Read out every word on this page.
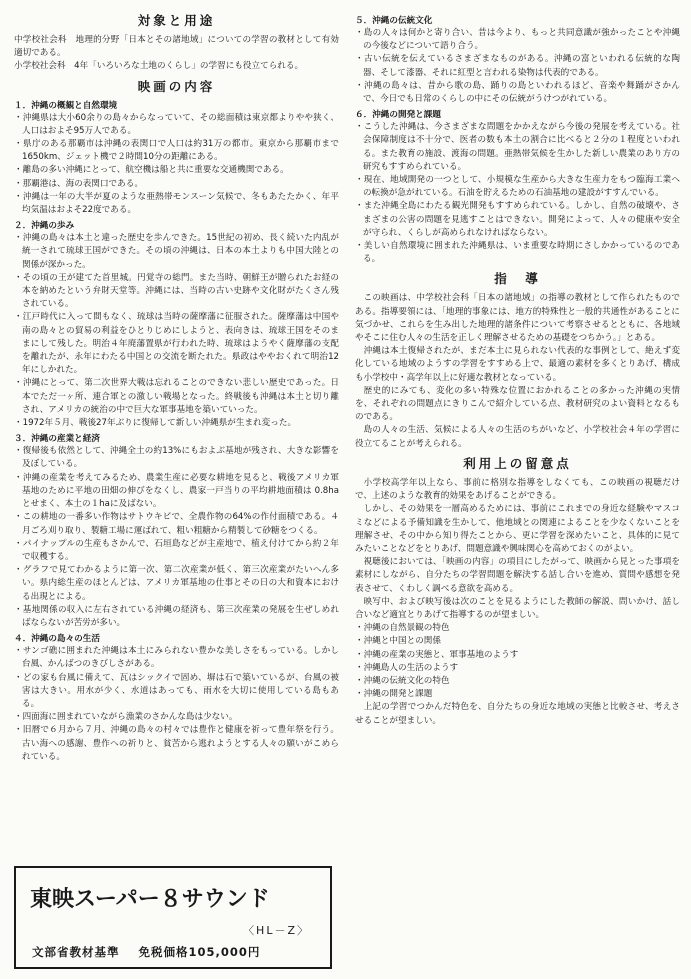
対象と用途

中学校社会科　地理的分野「日本とその諸地域」についての学習の教材として有効適切である。

小学校社会科　4年「いろいろな土地のくらし」の学習にも役立てられる。

映画の内容
１．沖縄の概観と自然環境
・ 沖縄県は大小60余りの島々からなっていて、その総面積は東京都よりやや狭く、人口はおよそ95万人である。
・ 県庁のある那覇市は沖縄の表関口で人口は約31万の都市。東京から那覇市まで1650km、ジェット機で２時間10分の距離にある。
・ 離島の多い沖縄にとって、航空機は船と共に重要な交通機関である。
・ 那覇港は、海の表関口である。
・ 沖縄は一年の大半が夏のような亜熱帯モンスーン気候で、冬もあたたかく、年平均気温はおよそ22度である。
２．沖縄の歩み
・ 沖縄の島々は本土と違った歴史を歩んできた。15世紀の初め、長く続いた内乱が統一されて琉球王国ができた。その頃の沖縄は、日本の本土よりも中国大陸との関係が深かった。
・ その頃の王が建てた首里城。円覚寺の総門。また当時、朝鮮王が贈られたお経の本を納めたという弁財天堂等。沖縄には、当時の古い史跡や文化財がたくさん残されている。
・ 江戸時代に入って間もなく、琉球は当時の薩摩藩に征服された。薩摩藩は中国や南の島々との貿易の利益をひとりじめにしようと、表向きは、琉球王国をそのままにして残した。明治４年廃藩置県が行われた時、琉球はようやく薩摩藩の支配を離れたが、永年にわたる中国との交流を断たれた。県政はややおくれて明治12年にしかれた。
・ 沖縄にとって、第二次世界大戦は忘れることのできない悲しい歴史であった。日本でただ一ヶ所、連合軍との激しい戦場となった。終戦後も沖縄は本土と切り離され、アメリカの統治の中で巨大な軍事基地を築いていった。
・ 1972年５月、戦後27年ぶりに復帰して新しい沖縄県が生まれ変った。
３．沖縄の産業と経済
・ 復帰後も依然として、沖縄全土の約13%にもおよぶ基地が残され、大きな影響を及ぼしている。
・ 沖縄の産業を考えてみるため、農業生産に必要な耕地を見ると、戦後アメリカ軍基地のために平地の田畑の伸びをなくし、農家一戸当りの平均耕地面積は 0.8haとせまく、本土の１haに及ばない。
・ この耕地の一番多い作物はサトウキビで、全農作物の64%の作付面積である。４月ごろ刈り取り、製糖工場に運ばれて、粗い粗糖から精製して砂糖をつくる。
・ パイナップルの生産もさかんで、石垣島などが主産地で、植え付けてから約２年で収穫する。
・ グラフで見てわかるように第一次、第二次産業が低く、第三次産業がたいへん多い。県内総生産のほとんどは、アメリカ軍基地の仕事とその日の大和資本における出現とによる。
・ 基地関係の収入に左右されている沖縄の経済も、第三次産業の発展を生ぜしめればならないが苦労が多い。
４．沖縄の島々の生活
・ サンゴ礁に囲まれた沖縄は本土にみられない豊かな美しさをもっている。しかし台風、かんばつのきびしさがある。
・ どの家も台風に備えて、瓦はシックイで固め、塀は石で築いているが、台風の被害は大きい。用水が少く、水道はあっても、雨水を大切に使用している島もある。
・ 四面海に囲まれていながら漁業のさかんな島は少ない。
・ 旧暦で６月から７月、沖縄の島々の村々では豊作と健康を祈って豊年祭を行う。古い海への感謝、豊作への祈りと、貧苦から逃れようとする人々の願いがこめられている。
５．沖縄の伝統文化
・ 島の人々は何かと寄り合い、昔は今より、もっと共同意識が強かったことや沖縄の今後などについて語り合う。
・ 古い伝統を伝えているさまざまなものがある。沖縄の富といわれる伝統的な陶器、そして漆器、それに紅型と言われる染物は代表的である。
・ 沖縄の島々は、昔から歌の島、踊りの島といわれるほど、音楽や舞踊がさかんで、今日でも日常のくらしの中にその伝統がうけつがれている。
６．沖縄の開発と課題
・ こうした沖縄は、今さまざまな問題をかかえながら今後の発展を考えている。社会保障制度は不十分で、医者の数も本土の割合に比べると２分の１程度といわれる。また教育の施設、渡海の問題。亜熱帯気候を生かした新しい農業のあり方の研究もすすめられている。
・ 現在、地域開発の一つとして、小規模な生産から大きな生産力をもつ臨海工業への転換が急がれている。石油を貯えるための石油基地の建設がすすんでいる。
・ また沖縄全島にわたる観光開発もすすめられている。しかし、自然の破壊や、さまざまの公害の問題を見逃すことはできない。開発によって、人々の健康や安全が守られ、くらしが高められなければならない。
・ 美しい自然環境に囲まれた沖縄県は、いま重要な時期にさしかかっているのである。
指　導

この映画は、中学校社会科「日本の諸地域」の指導の教材として作られたものである。指導要領には、「地理的事象には、地方的特殊性と一般的共通性があることに気づかせ、これらを生み出した地理的諸条件について考察させるとともに、各地域やそこに住む人々の生活を正しく理解させるための基礎をつちかう。」とある。

沖縄は本土復帰されたが、まだ本土に見られない代表的な事例として、絶えず変化している地域のようすの学習をすすめる上で、最適の素材を多くとりあげ、構成も小学校中・高学年以上に好適な教材となっている。

歴史的にみても、変化の多い特殊な位置におかれることの多かった沖縄の実情を、それぞれの問題点にきりこんで紹介している点、教材研究のよい資料となるものである。

島の人々の生活、気候による人々の生活のちがいなど、小学校社会４年の学習に役立てることが考えられる。

利用上の留意点

小学校高学年以上なら、事前に格別な指導をしなくても、この映画の視聴だけで、上述のような教育的効果をあげることができる。

しかし、その効果を一層高めるためには、事前にこれまでの身近な経験やマスコミなどによる予備知識を生かして、他地域との関連によることを少なくないことを理解させ、その中から知り得たことから、更に学習を深めたいこと、具体的に見てみたいことなどをとりあげ、問題意識や興味関心を高めておくのがよい。

視聴後においては、「映画の内容」の項目にしたがって、映画から見とった事項を素材にしながら、自分たちの学習問題を解決する話し合いを進め、質問や感想を発表させて、くわしく調べる意欲を高める。

映写中、および映写後は次のことを見るようにした教師の解説、問いかけ、話し合いなど適宜とりあげて指導するのが望ましい。

・ 沖縄の自然景観の特色
・ 沖縄と中国との関係
・ 沖縄の産業の実態と、軍事基地のようす
・ 沖縄島人の生活のようす
・ 沖縄の伝統文化の特色
・ 沖縄の開発と課題

上記の学習でつかんだ特色を、自分たちの身近な地域の実態と比較させ、考えさせることが望ましい。

東映スーパー８サウンド
〈HL－Z〉
文部省教材基準 免税価格105,000円
